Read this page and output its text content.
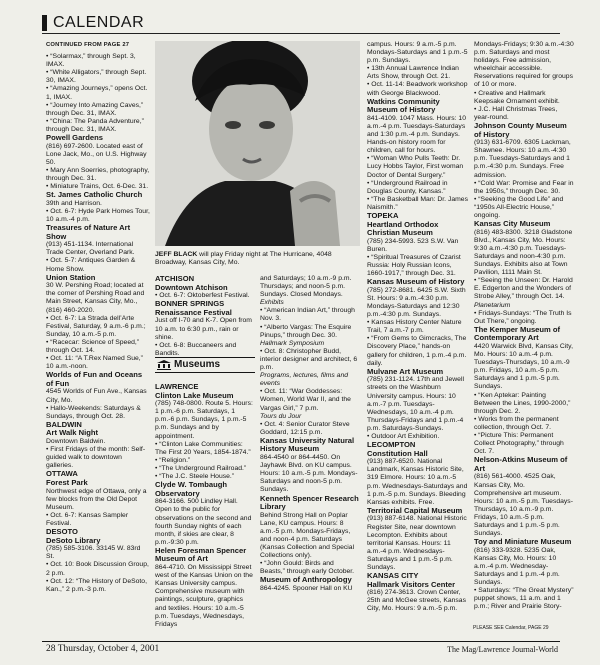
CALENDAR
CONTINUED FROM PAGE 27

• “Solarmax,” through Sept. 3, IMAX.

• “White Alligators,” through Sept. 30, IMAX.

• “Amazing Journeys,” opens Oct. 1, IMAX.

• “Journey Into Amazing Caves,” through Dec. 31, IMAX.

• “China: The Panda Adventure,” through Dec. 31, IMAX.

Powell Gardens

(816) 697-2600. Located east of Lone Jack, Mo., on U.S. Highway 50.

• Mary Ann Soerries, photography, through Dec. 31.

• Miniature Trains, Oct. 6-Dec. 31.

St. James Catholic Church

39th and Harrison.

• Oct. 6-7: Hyde Park Homes Tour, 10 a.m.-4 p.m.

Treasures of Nature Art Show

(913) 451-1134. International Trade Center, Overland Park.

• Oct. 5-7: Antiques Garden & Home Show.

Union Station

30 W. Pershing Road; located at the corner of Pershing Road and Main Street, Kansas City, Mo., (816) 460-2020.

• Oct. 6-7: La Strada dell’Arte Festival, Saturday, 9 a.m.-6 p.m.; Sunday, 10 a.m.-5 p.m.

• “Racecar: Science of Speed,” through Oct. 14.

• Oct. 11: “A T.Rex Named Sue,” 10 a.m.-noon.

Worlds of Fun and Oceans of Fun

4545 Worlds of Fun Ave., Kansas City, Mo.

• Hallo-Weekends: Saturdays & Sundays, through Oct. 28.

BALDWIN

Art Walk Night

Downtown Baldwin.

• First Fridays of the month: Self-guided walk to downtown galleries.

OTTAWA

Forest Park

Northwest edge of Ottawa, only a few blocks from the Old Depot Museum.

• Oct. 6-7: Kansas Sampler Festival.

DESOTO

DeSoto Library

(785) 585-3106. 33145 W. 83rd St.

• Oct. 10: Book Discussion Group, 2 p.m.

• Oct. 12: “The History of DeSoto, Kan.,” 2 p.m.-3 p.m.

JEFF BLACK will play Friday night at The Hurricane, 4048 Broadway, Kansas City, Mo.

ATCHISON

Downtown Atchison

• Oct. 6-7: Oktoberfest Festival.

BONNER SPRINGS

Renaissance Festival

Just off I-70 and K-7. Open from 10 a.m. to 6:30 p.m., rain or shine.

• Oct. 6-8: Buccaneers and Bandits.

Museums

LAWRENCE

Clinton Lake Museum

(785) 748-0800. Route 5. Hours: 1 p.m.-6 p.m. Saturdays, 1 p.m.-6 p.m. Sundays, 1 p.m.-5 p.m. Sundays and by appointment.

• “Clinton Lake Communities: The First 20 Years, 1854-1874.”

• “Religion.”

• “The Underground Railroad.”

• “The J.C. Steele House.”

Clyde W. Tombaugh Observatory

864-3166. 500 Lindley Hall. Open to the public for observations on the second and fourth Sunday nights of each month, if skies are clear, 8 p.m.-9:30 p.m.

Helen Foresman Spencer Museum of Art

864-4710. On Mississippi Street west of the Kansas Union on the Kansas University campus. Comprehensive museum with paintings, sculpture, graphics and textiles. Hours: 10 a.m.-5 p.m. Tuesdays, Wednesdays, Fridays

and Saturdays; 10 a.m.-9 p.m. Thursdays; and noon-5 p.m. Sundays. Closed Mondays.

Exhibits

• “American Indian Art,” through Nov. 3.

• “Alberto Vargas: The Esquire Pinups,” through Dec. 30.

Hallmark Symposium

• Oct. 8: Christopher Budd, interior designer and architect, 6 p.m.

Programs, lectures, films and events

• Oct. 11: “War Goddesses: Women, World War II, and the Vargas Girl,” 7 p.m.

Tours du Jour

• Oct. 4: Senior Curator Steve Goddard, 12:15 p.m.

Kansas University Natural History Museum

864-4540 or 864-4450. On Jayhawk Blvd. on KU campus. Hours: 10 a.m.-5 p.m. Mondays-Saturdays and noon-5 p.m. Sundays.

Kenneth Spencer Research Library

Behind Strong Hall on Poplar Lane, KU campus. Hours: 8 a.m.-5 p.m. Mondays-Fridays, and noon-4 p.m. Saturdays (Kansas Collection and Special Collections only).

• “John Gould: Birds and Beasts,” through early October.

Museum of Anthropology

864-4245. Spooner Hall on KU

campus. Hours: 9 a.m.-5 p.m. Mondays-Saturdays and 1 p.m.-5 p.m. Sundays.

• 13th Annual Lawrence Indian Arts Show, through Oct. 21.

• Oct. 11-14: Beadwork workshop with George Blackwood.

Watkins Community Museum of History

841-4109. 1047 Mass. Hours: 10 a.m.-4 p.m. Tuesdays-Saturdays and 1:30 p.m.-4 p.m. Sundays. Hands-on history room for children, call for hours.

• “Woman Who Pulls Teeth: Dr. Lucy Hobbs Taylor, First woman Doctor of Dental Surgery.”

• “Underground Railroad in Douglas County, Kansas.”

• “The Basketball Man: Dr. James Naismith.”

TOPEKA

Heartland Orthodox Christian Museum

(785) 234-5993. 523 S.W. Van Buren.

• “Spiritual Treasures of Czarist Russia: Holy Russian Icons, 1660-1917,” through Dec. 31.

Kansas Museum of History

(785) 272-8681. 6425 S.W. Sixth St. Hours: 9 a.m.-4:30 p.m. Mondays-Saturdays and 12:30 p.m.-4:30 p.m. Sundays.

• Kansas History Center Nature Trail, 7 a.m.-7 p.m.

• “From Gems to Gimcracks, The Discovery Place,” hands-on gallery for children, 1 p.m.-4 p.m. daily.

Mulvane Art Museum

(785) 231-1124. 17th and Jewell streets on the Washburn University campus. Hours: 10 a.m.-7 p.m. Tuesdays-Wednesdays, 10 a.m.-4 p.m. Thursdays-Fridays and 1 p.m.-4 p.m. Saturdays-Sundays.

• Outdoor Art Exhibition.

LECOMPTON

Constitution Hall

(913) 887-6520. National Landmark, Kansas Historic Site, 319 Elmore. Hours: 10 a.m.-5 p.m. Wednesdays-Saturdays and 1 p.m.-5 p.m. Sundays. Bleeding Kansas exhibits. Free.

Territorial Capital Museum

(913) 887-6148. National Historic Register Site, near downtown Lecompton. Exhibits about territorial Kansas. Hours: 11 a.m.-4 p.m. Wednesdays-Saturdays and 1 p.m.-5 p.m. Sundays.

KANSAS CITY

Hallmark Visitors Center

(816) 274-3613. Crown Center, 25th and McGee streets, Kansas City, Mo. Hours: 9 a.m.-5 p.m.

Mondays-Fridays; 9:30 a.m.-4:30 p.m. Saturdays and most holidays. Free admission, wheelchair accessible. Reservations required for groups of 10 or more.

• Creative and Hallmark Keepsake Ornament exhibit.

• J.C. Hall Christmas Trees, year-round.

Johnson County Museum of History

(913) 631-6709. 6305 Lackman, Shawnee. Hours: 10 a.m.-4:30 p.m. Tuesdays-Saturdays and 1 p.m.-4:30 p.m. Sundays. Free admission.

• “Cold War: Promise and Fear in the 1950s,” through Dec. 30.

• “Seeking the Good Life” and “1950s All-Electric House,” ongoing.

Kansas City Museum

(816) 483-8300. 3218 Gladstone Blvd., Kansas City, Mo. Hours: 9:30 a.m.-4:30 p.m. Tuesdays-Saturdays and noon-4:30 p.m. Sundays. Exhibits also at Town Pavilion, 1111 Main St.

• “Seeing the Unseen: Dr. Harold E. Edgerton and the Wonders of Strobe Alley,” through Oct. 14.

Planetarium

• Fridays-Sundays: “The Truth Is Out There,” ongoing.

The Kemper Museum of Contemporary Art

4420 Warwick Blvd, Kansas City, Mo. Hours: 10 a.m.-4 p.m. Tuesdays-Thursdays, 10 a.m.-9 p.m. Fridays, 10 a.m.-5 p.m. Saturdays and 1 p.m.-5 p.m. Sundays.

• “Ken Aptekar: Painting Between the Lines, 1990-2000,” through Dec. 2.

• Works from the permanent collection, through Oct. 7.

• “Picture This: Permanent Collect Photography,” through Oct. 7.

Nelson-Atkins Museum of Art

(816) 561-4000. 4525 Oak, Kansas City, Mo. Comprehensive art museum. Hours: 10 a.m.-5 p.m. Tuesdays-Thursdays, 10 a.m.-9 p.m. Fridays, 10 a.m.-5 p.m. Saturdays and 1 p.m.-5 p.m. Sundays.

Toy and Miniature Museum

(816) 333-9328. 5235 Oak, Kansas City, Mo. Hours: 10 a.m.-4 p.m. Wednesday-Saturdays and 1 p.m.-4 p.m. Sundays.

• Saturdays: “The Great Mystery” puppet shows, 11 a.m. and 1 p.m.; River and Prairie Story-

PLEASE SEE Calendar, PAGE 29
28 Thursday, October 4, 2001	The Mag/Lawrence Journal-World
